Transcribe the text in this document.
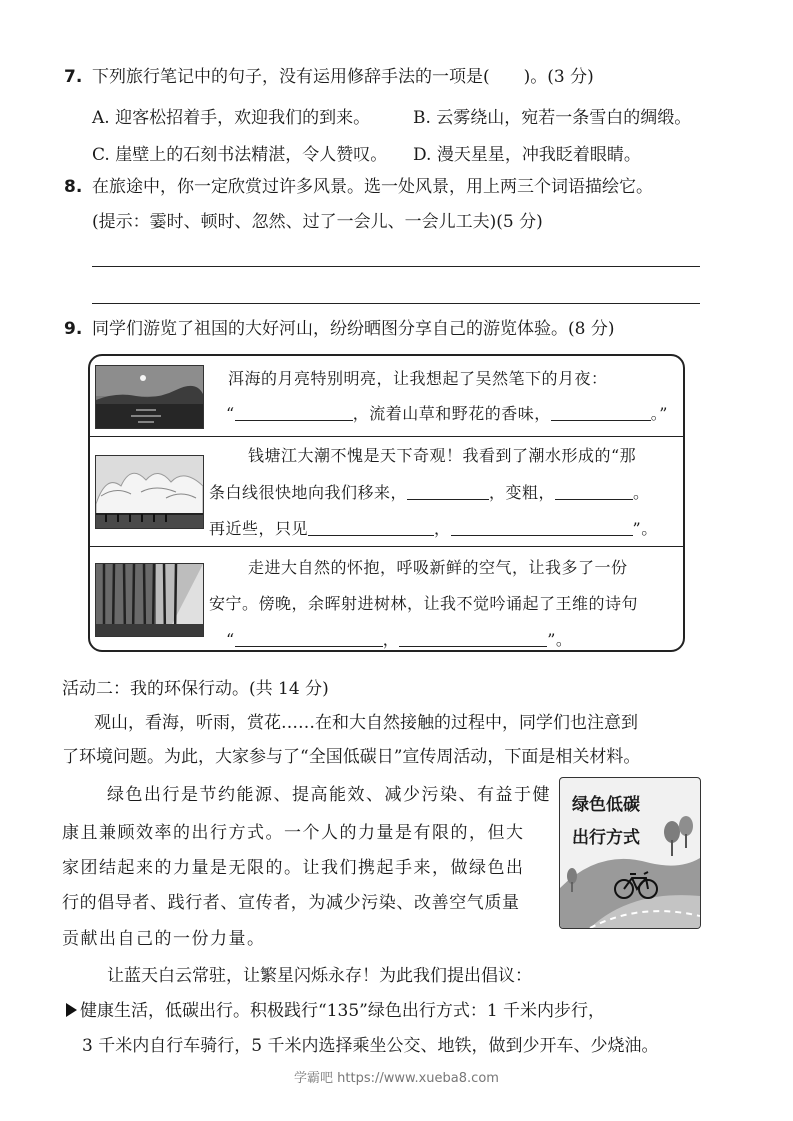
7. 下列旅行笔记中的句子，没有运用修辞手法的一项是(　　)。(3 分)
A. 迎客松招着手，欢迎我们的到来。	B. 云雾绕山，宛若一条雪白的绸缎。
C. 崖壁上的石刻书法精湛，令人赞叹。 D. 漫天星星，冲我眨着眼睛。
8. 在旅途中，你一定欣赏过许多风景。选一处风景，用上两三个词语描绘它。
(提示：霎时、顿时、忽然、过了一会儿、一会儿工夫)(5 分)
9. 同学们游览了祖国的大好河山，纷纷晒图分享自己的游览体验。(8 分)
洱海的月亮特别明亮，让我想起了吴然笔下的月夜：
“	，流着山草和野花的香味，	。”
钱塘江大潮不愧是天下奇观！我看到了潮水形成的“那
条白线很快地向我们移来，	，变粗，	。
再近些，只见	，	”。
走进大自然的怀抱，呼吸新鲜的空气，让我多了一份
安宁。傍晚，余晖射进树林，让我不觉吟诵起了王维的诗句
“	，	”。
活动二：我的环保行动。(共 14 分)
观山，看海，听雨，赏花……在和大自然接触的过程中，同学们也注意到
了环境问题。为此，大家参与了“全国低碳日”宣传周活动，下面是相关材料。
绿色出行是节约能源、提高能效、减少污染、有益于健
康且兼顾效率的出行方式。一个人的力量是有限的，但大
家团结起来的力量是无限的。让我们携起手来，做绿色出
行的倡导者、践行者、宣传者，为减少污染、改善空气质量
贡献出自己的一份力量。
绿色低碳
出行方式
让蓝天白云常驻，让繁星闪烁永存！为此我们提出倡议：
健康生活，低碳出行。积极践行“135”绿色出行方式：1 千米内步行，
3 千米内自行车骑行，5 千米内选择乘坐公交、地铁，做到少开车、少烧油。
学霸吧 https://www.xueba8.com
